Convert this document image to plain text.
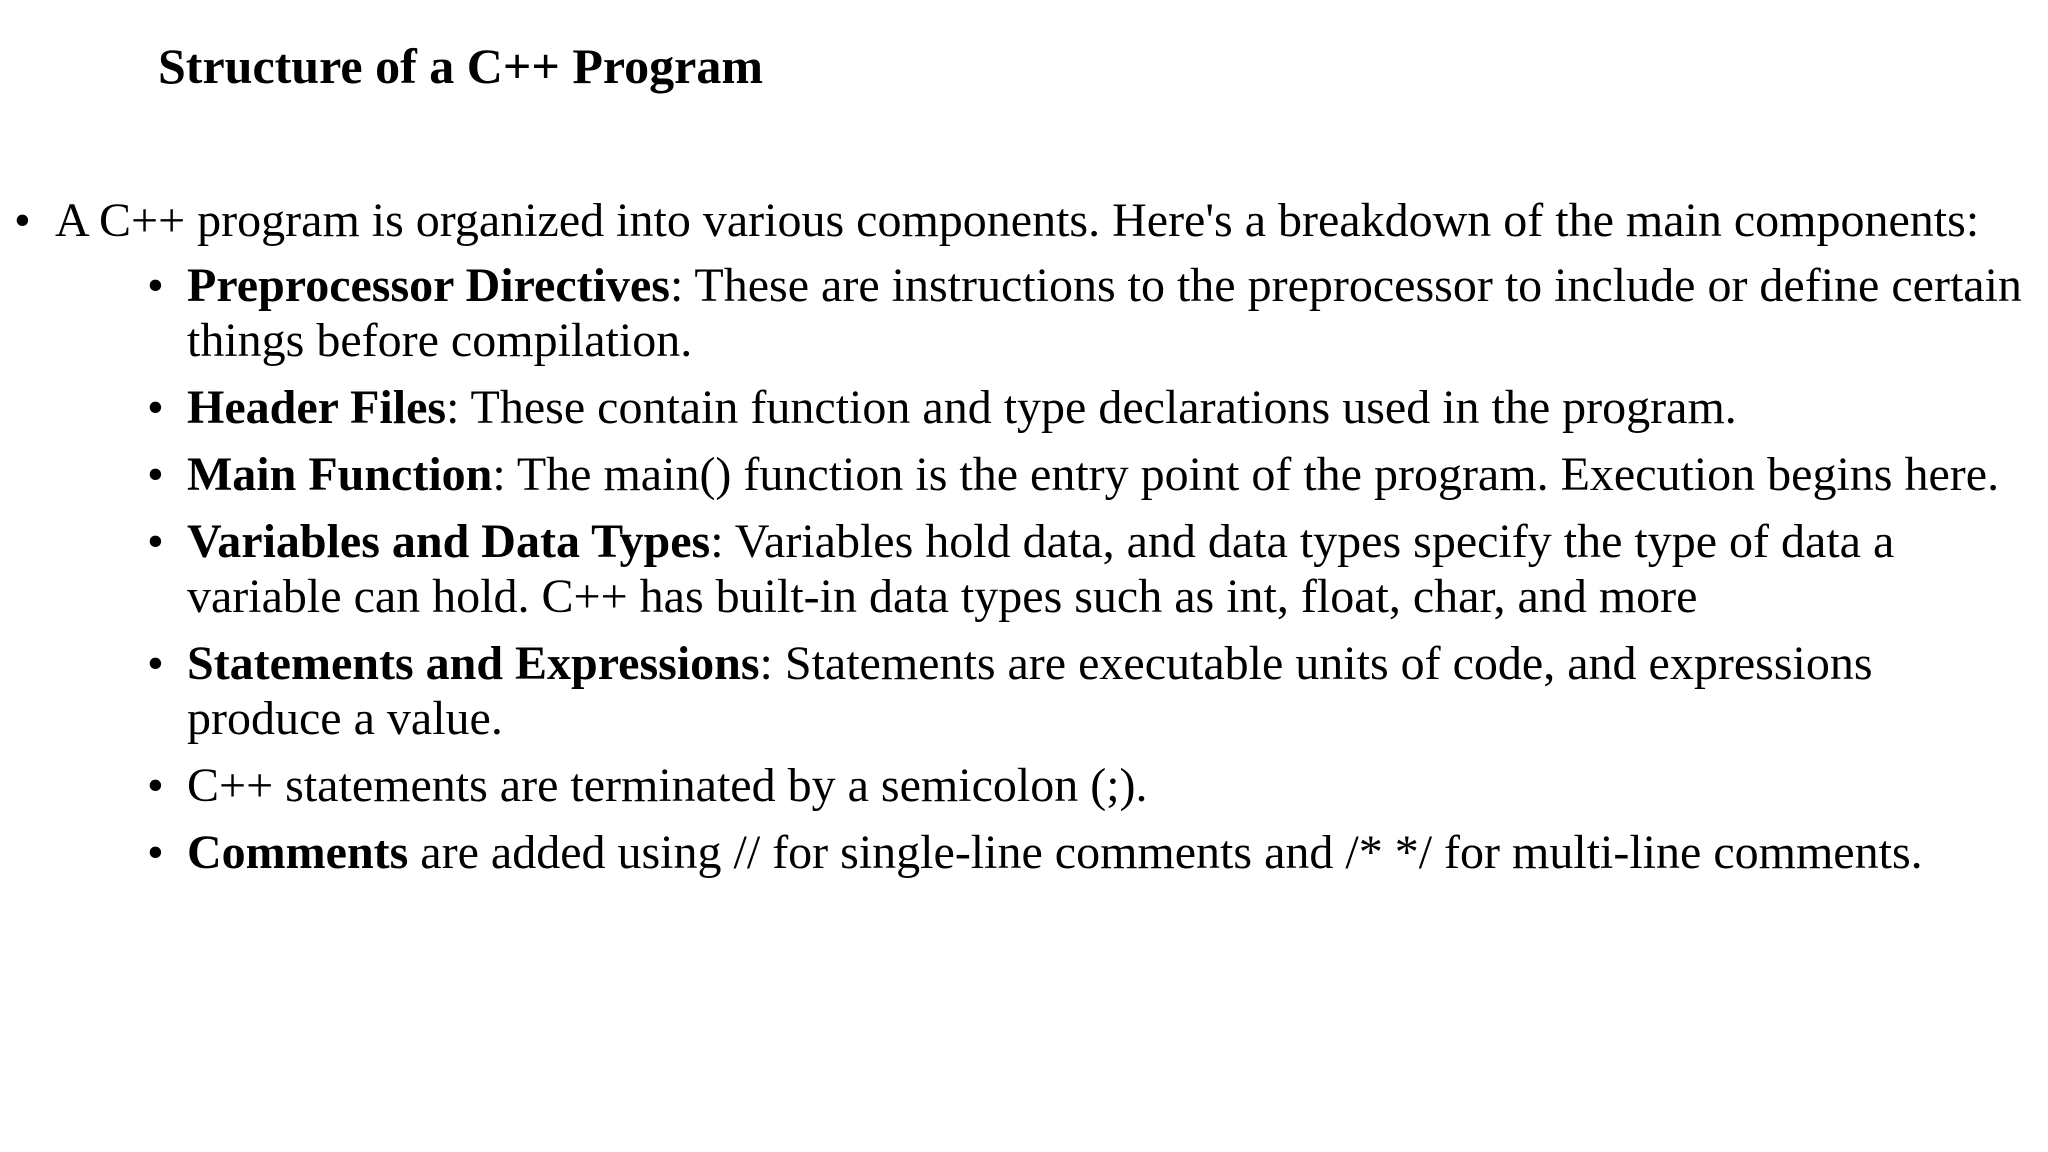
Structure of a C++ Program
• A C++ program is organized into various components. Here's a breakdown of the main components:
• Preprocessor Directives: These are instructions to the preprocessor to include or define certain things before compilation.
• Header Files: These contain function and type declarations used in the program.
• Main Function: The main() function is the entry point of the program. Execution begins here.
• Variables and Data Types: Variables hold data, and data types specify the type of data a variable can hold. C++ has built-in data types such as int, float, char, and more
• Statements and Expressions: Statements are executable units of code, and expressions produce a value.
• C++ statements are terminated by a semicolon (;).
• Comments are added using // for single-line comments and /* */ for multi-line comments.
